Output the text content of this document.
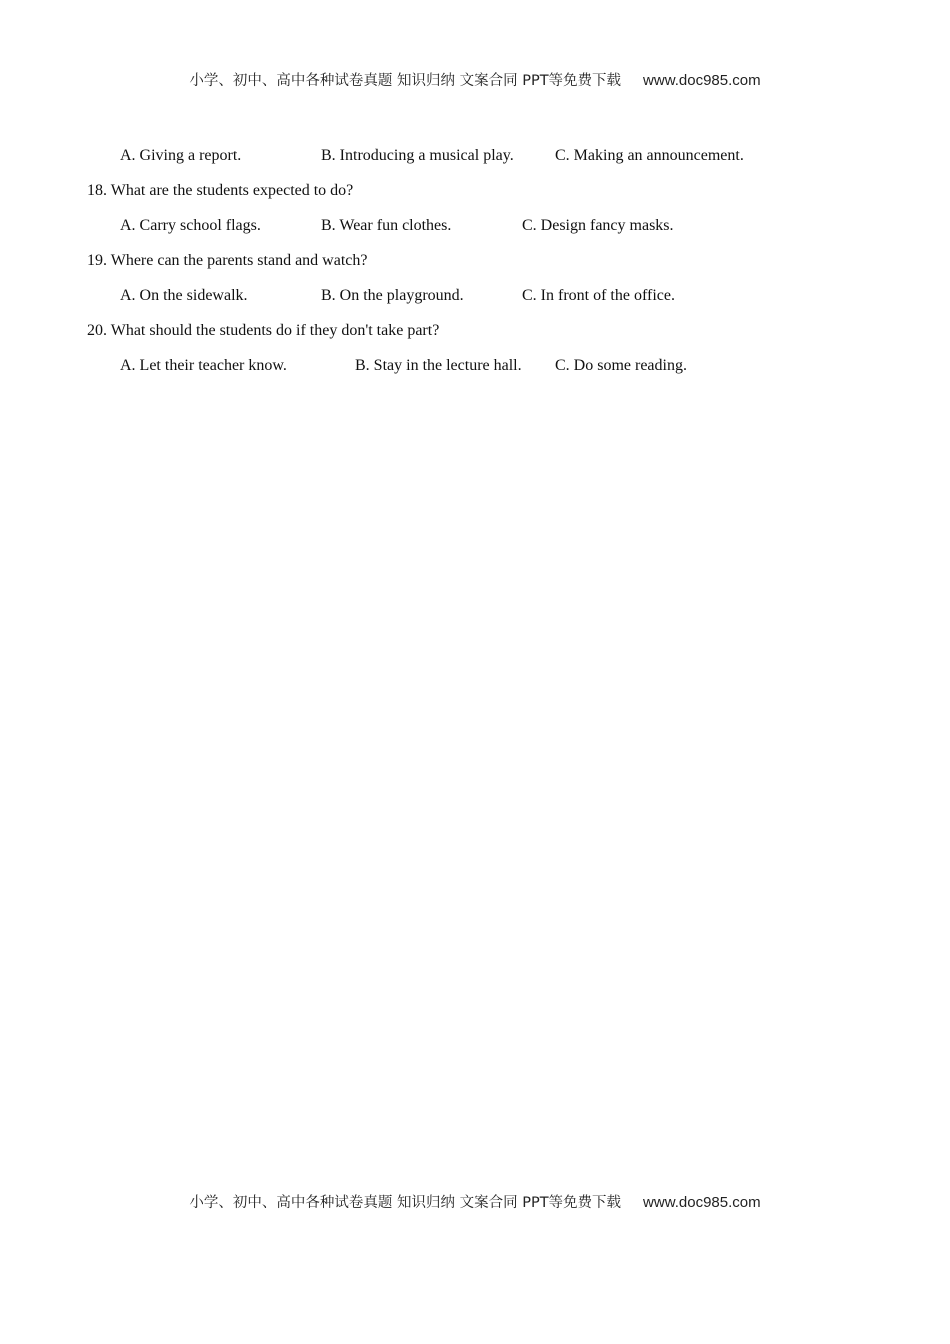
小学、初中、高中各种试卷真题 知识归纳 文案合同 PPT等免费下载 www.doc985.com
A. Giving a report.	B. Introducing a musical play.	C. Making an announcement.
18. What are the students expected to do?
A. Carry school flags.	B. Wear fun clothes.	C. Design fancy masks.
19. Where can the parents stand and watch?
A. On the sidewalk.	B. On the playground.	C. In front of the office.
20. What should the students do if they don't take part?
A. Let their teacher know.	B. Stay in the lecture hall. C. Do some reading.
小学、初中、高中各种试卷真题 知识归纳 文案合同 PPT等免费下载 www.doc985.com
